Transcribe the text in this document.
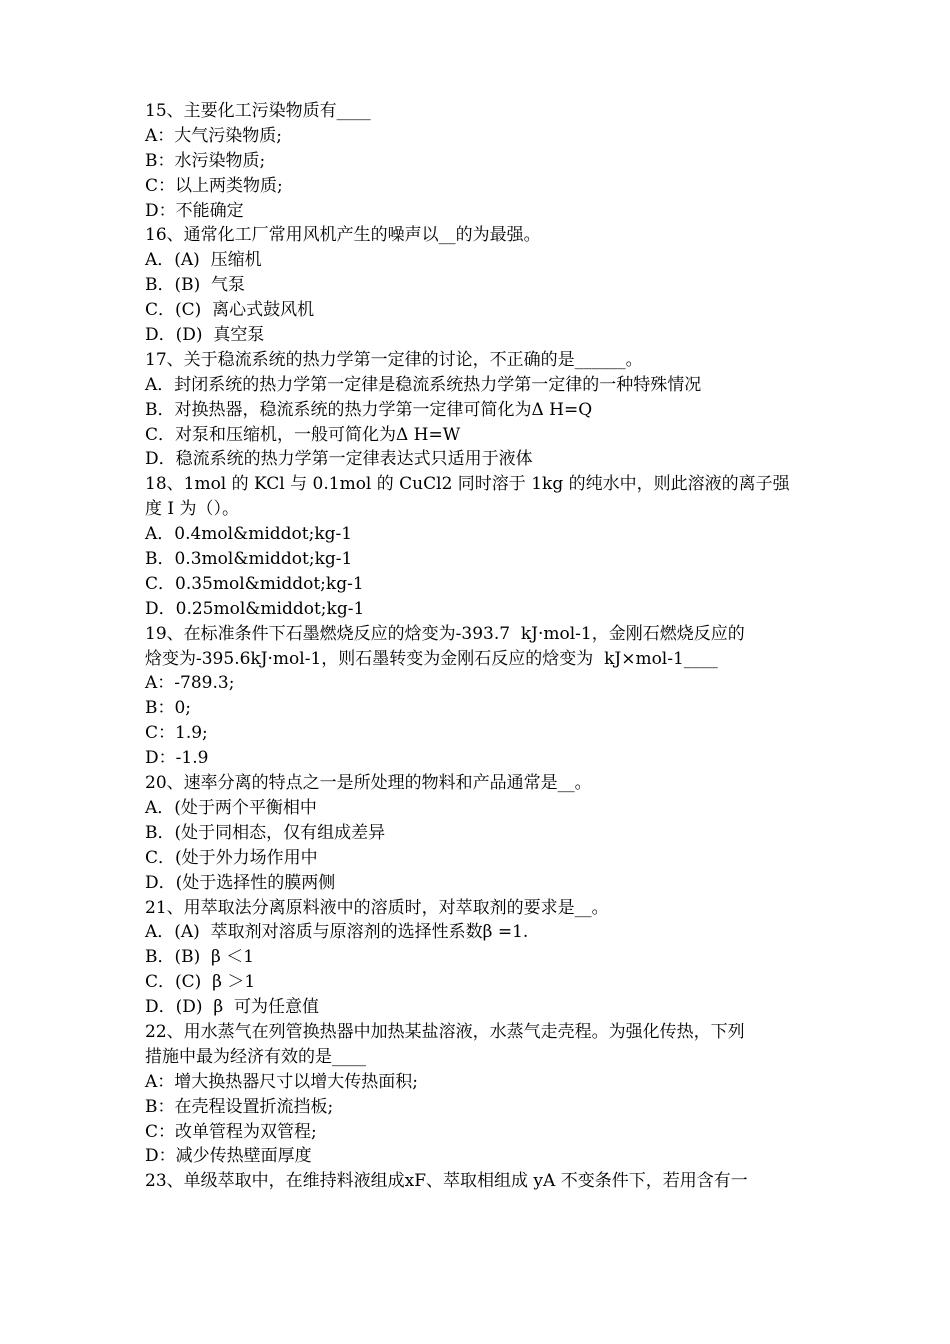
15、主要化工污染物质有____
A：大气污染物质;
B：水污染物质;
C：以上两类物质;
D：不能确定
16、通常化工厂常用风机产生的噪声以__的为最强。
A．(A)  压缩机
B．(B)  气泵
C．(C)  离心式鼓风机
D．(D)  真空泵
17、关于稳流系统的热力学第一定律的讨论，不正确的是______。
A．封闭系统的热力学第一定律是稳流系统热力学第一定律的一种特殊情况
B．对换热器，稳流系统的热力学第一定律可简化为Δ H=Q
C．对泵和压缩机，一般可简化为Δ H=W
D．稳流系统的热力学第一定律表达式只适用于液体
18、1mol 的 KCl 与 0.1mol 的 CuCl2 同时溶于 1kg 的纯水中，则此溶液的离子强
度 I 为（）。
A．0.4mol&middot;kg-1
B．0.3mol&middot;kg-1
C．0.35mol&middot;kg-1
D．0.25mol&middot;kg-1
19、在标准条件下石墨燃烧反应的焓变为-393.7  kJ·mol-1，金刚石燃烧反应的
焓变为-395.6kJ·mol-1，则石墨转变为金刚石反应的焓变为  kJ×mol-1____
A：-789.3;
B：0;
C：1.9;
D：-1.9
20、速率分离的特点之一是所处理的物料和产品通常是__。
A．(处于两个平衡相中
B．(处于同相态，仅有组成差异
C．(处于外力场作用中
D．(处于选择性的膜两侧
21、用萃取法分离原料液中的溶质时，对萃取剂的要求是__。
A．(A)  萃取剂对溶质与原溶剂的选择性系数β =1.
B．(B)  β ＜1
C．(C)  β ＞1
D．(D)  β  可为任意值
22、用水蒸气在列管换热器中加热某盐溶液，水蒸气走壳程。为强化传热，下列
措施中最为经济有效的是____
A：增大换热器尺寸以增大传热面积;
B：在壳程设置折流挡板;
C：改单管程为双管程;
D：减少传热壁面厚度
23、单级萃取中，在维持料液组成xF、萃取相组成 yA 不变条件下，若用含有一
